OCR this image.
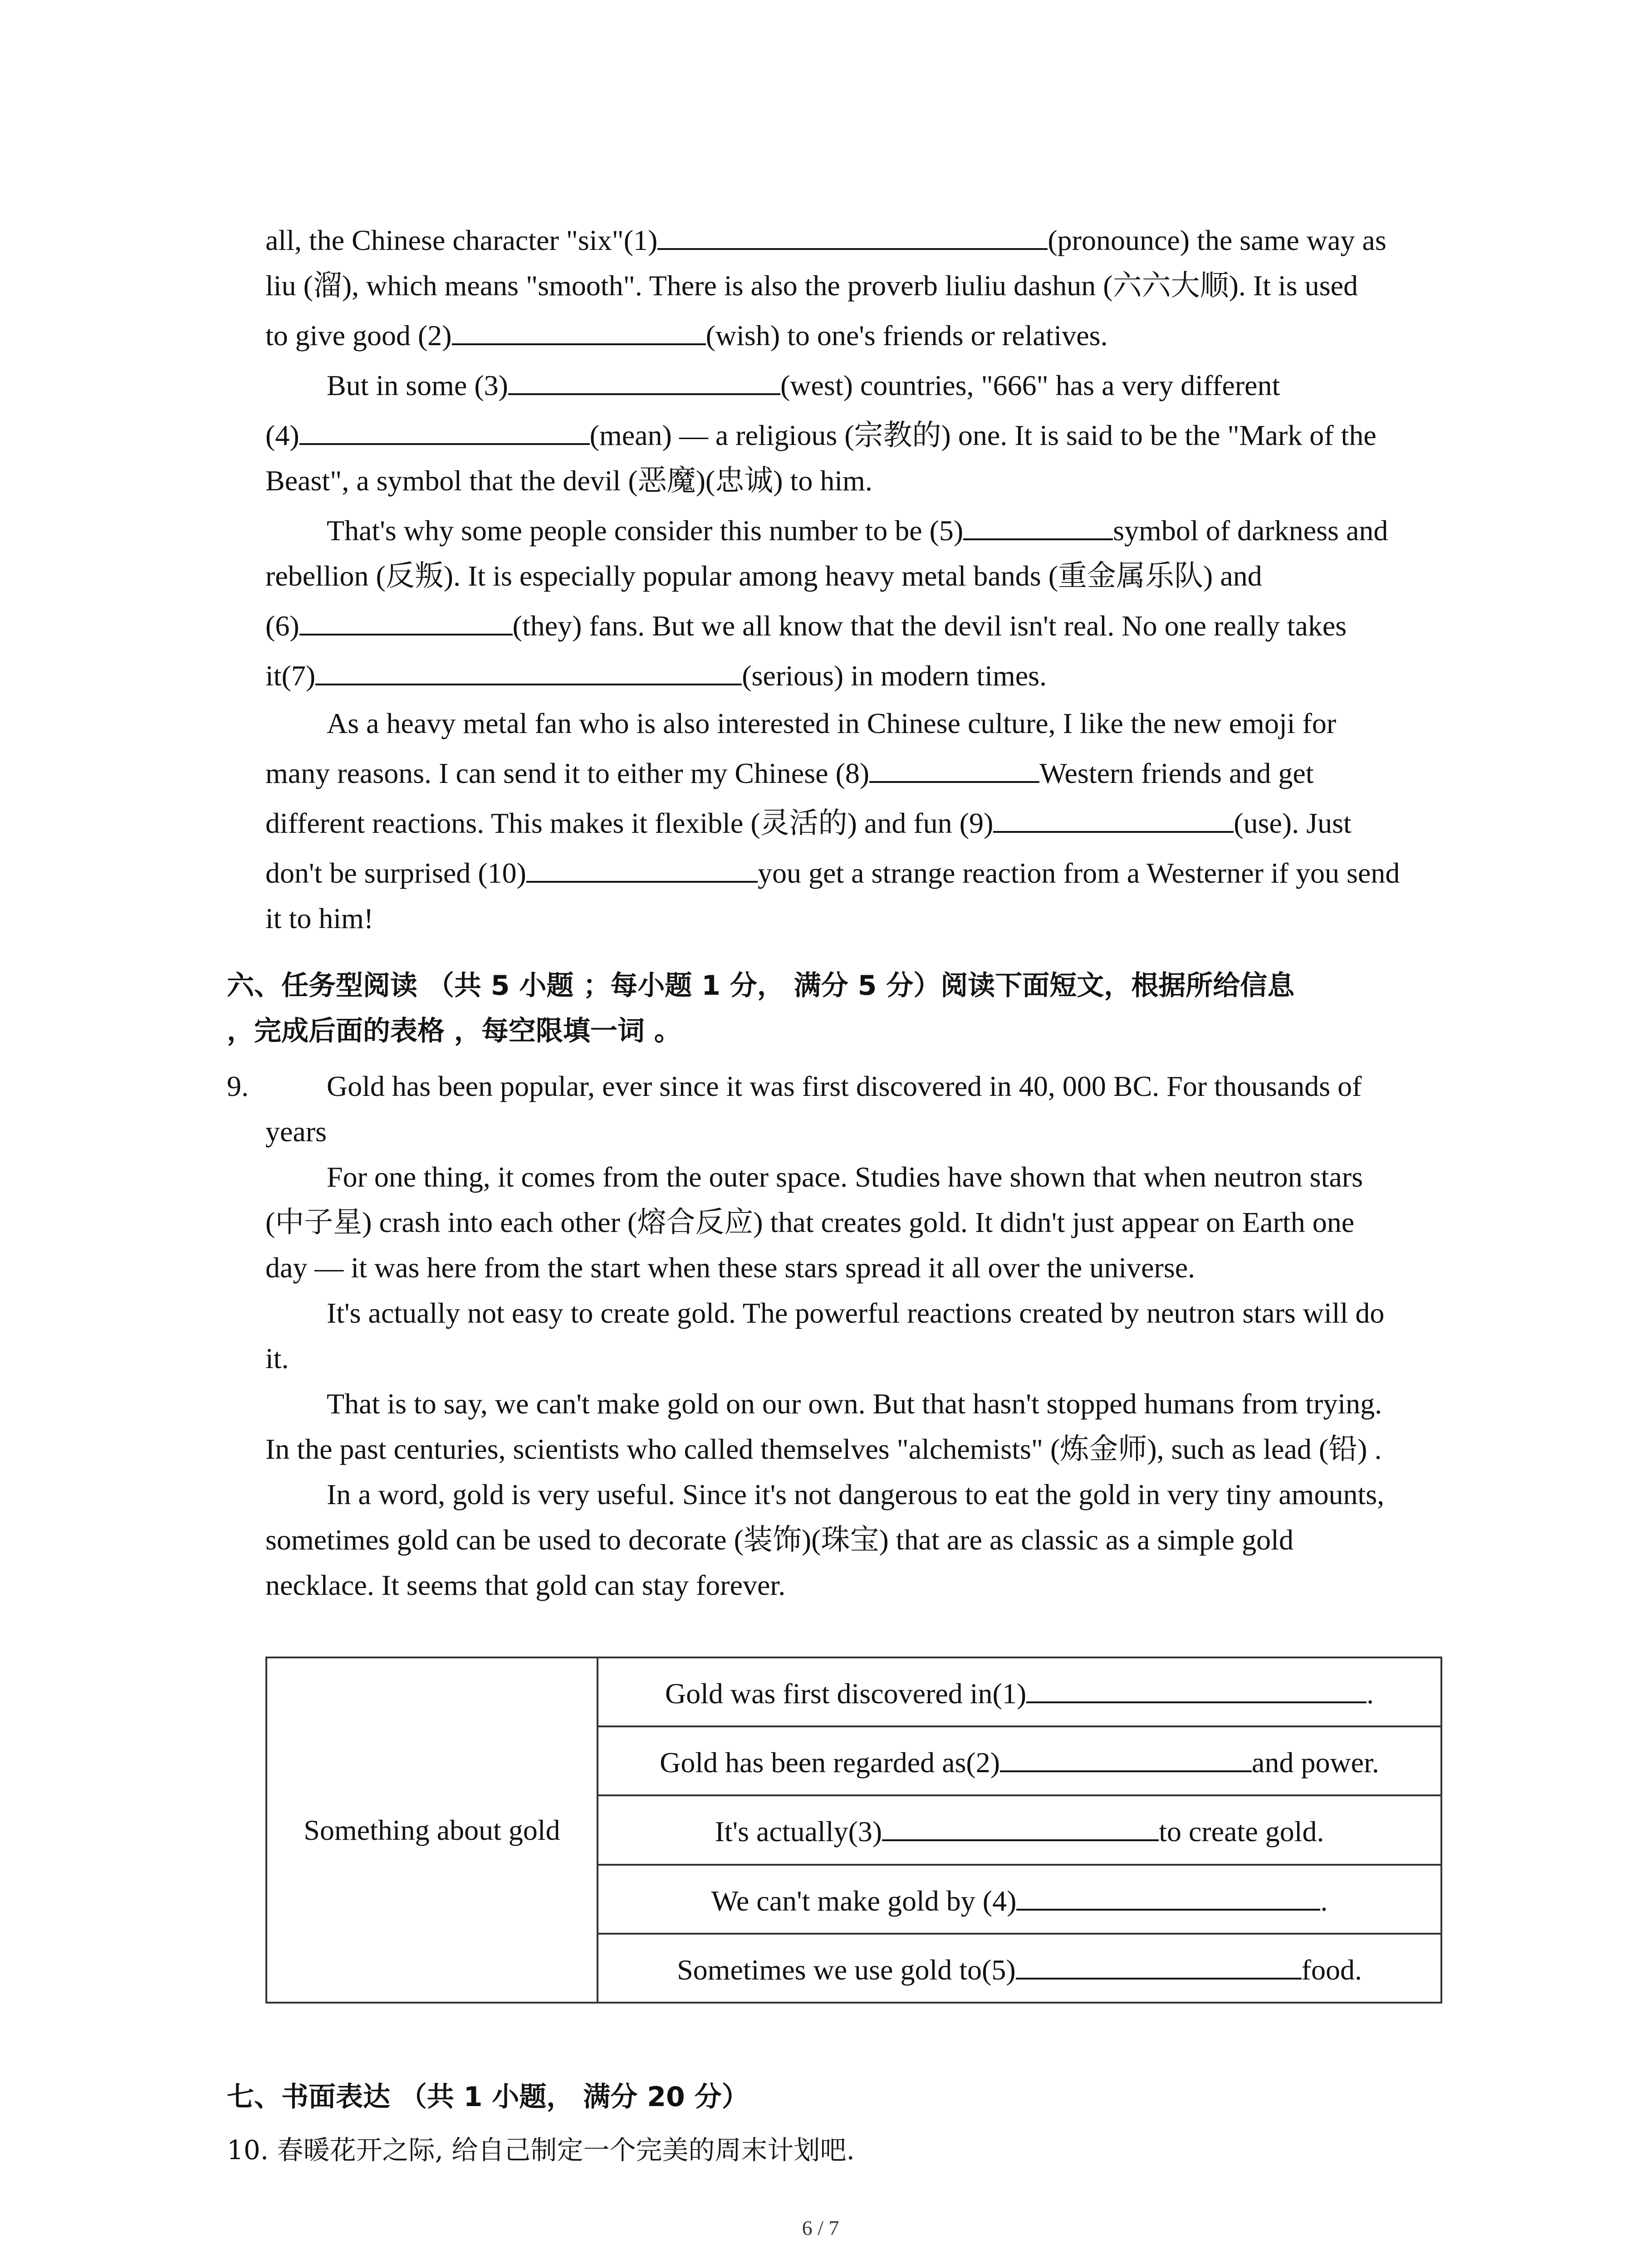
all, the Chinese character "six"(1)	(pronounce) the same way as
liu (溜), which means "smooth". There is also the proverb liuliu dashun (六六大顺). It is used
to give good (2)	(wish) to one's friends or relatives.
But in some (3)	(west) countries, "666" has a very different
(4)	(mean) — a religious (宗教的) one. It is said to be the "Mark of the
Beast", a symbol that the devil (恶魔)(忠诚) to him.
That's why some people consider this number to be (5)	symbol of darkness and
rebellion (反叛). It is especially popular among heavy metal bands (重金属乐队) and
(6)	(they) fans. But we all know that the devil isn't real. No one really takes
it(7)	(serious) in modern times.
As a heavy metal fan who is also interested in Chinese culture, I like the new emoji for
many reasons. I can send it to either my Chinese (8)	Western friends and get
different reactions. This makes it flexible (灵活的) and fun (9)	(use). Just
don't be surprised (10)	you get a strange reaction from a Westerner if you send
it to him!
六、任务型阅读 （共 5 小题 ；每小题 1 分， 满分 5 分）阅读下面短文，根据所给信息
，完成后面的表格 ，每空限填一词 。
9.	Gold has been popular, ever since it was first discovered in 40, 000 BC. For thousands of
years
For one thing, it comes from the outer space. Studies have shown that when neutron stars
(中子星) crash into each other (熔合反应) that creates gold. It didn't just appear on Earth one
day — it was here from the start when these stars spread it all over the universe.
It's actually not easy to create gold. The powerful reactions created by neutron stars will do
it.
That is to say, we can't make gold on our own. But that hasn't stopped humans from trying.
In the past centuries, scientists who called themselves "alchemists" (炼金师), such as lead (铅) .
In a word, gold is very useful. Since it's not dangerous to eat the gold in very tiny amounts,
sometimes gold can be used to decorate (装饰)(珠宝) that are as classic as a simple gold
necklace. It seems that gold can stay forever.
Something about gold	Gold was first discovered in(1)	.
Gold has been regarded as(2)	and power.
It's actually(3)	to create gold.
We can't make gold by (4)	.
Sometimes we use gold to(5)	food.
七、书面表达 （共 1 小题， 满分 20 分）
10. 春暖花开之际, 给自己制定一个完美的周末计划吧.
6 / 7
